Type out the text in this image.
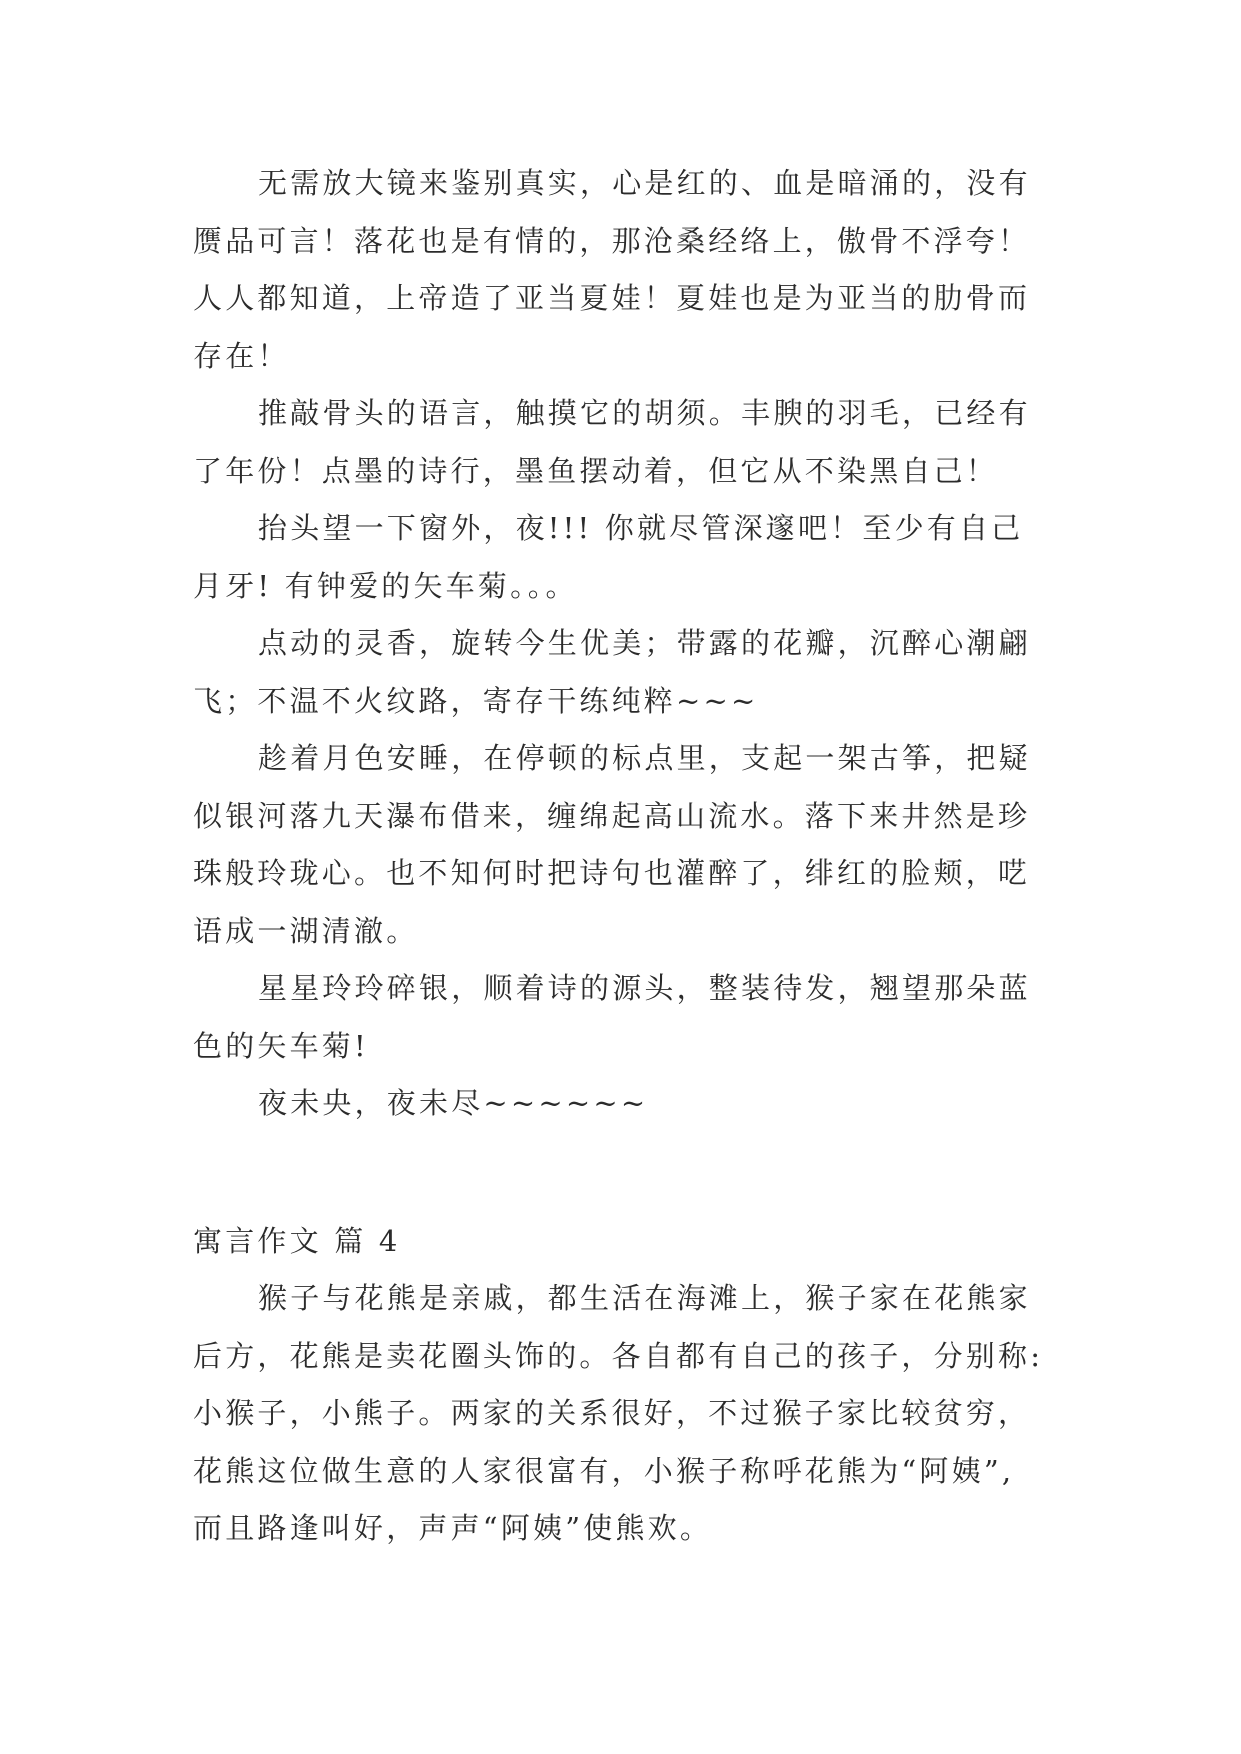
无需放大镜来鉴别真实，心是红的、血是暗涌的，没有
赝品可言！落花也是有情的，那沧桑经络上，傲骨不浮夸！
人人都知道，上帝造了亚当夏娃！夏娃也是为亚当的肋骨而
存在！
推敲骨头的语言，触摸它的胡须。丰腴的羽毛，已经有
了年份！点墨的诗行，墨鱼摆动着，但它从不染黑自己！
抬头望一下窗外，夜!!! 你就尽管深邃吧！至少有自己
月牙! 有钟爱的矢车菊。。。
点动的灵香，旋转今生优美；带露的花瓣，沉醉心潮翩
飞；不温不火纹路，寄存干练纯粹~~~
趁着月色安睡，在停顿的标点里，支起一架古筝，把疑
似银河落九天瀑布借来，缠绵起高山流水。落下来井然是珍
珠般玲珑心。也不知何时把诗句也灌醉了，绯红的脸颊，呓
语成一湖清澈。
星星玲玲碎银，顺着诗的源头，整装待发，翘望那朵蓝
色的矢车菊!
夜未央，夜未尽~~~~~~
寓言作文 篇 4
猴子与花熊是亲戚，都生活在海滩上，猴子家在花熊家
后方，花熊是卖花圈头饰的。各自都有自己的孩子，分别称:
小猴子，小熊子。两家的关系很好，不过猴子家比较贫穷，
花熊这位做生意的人家很富有，小猴子称呼花熊为“阿姨”,
而且路逢叫好，声声“阿姨”使熊欢。
